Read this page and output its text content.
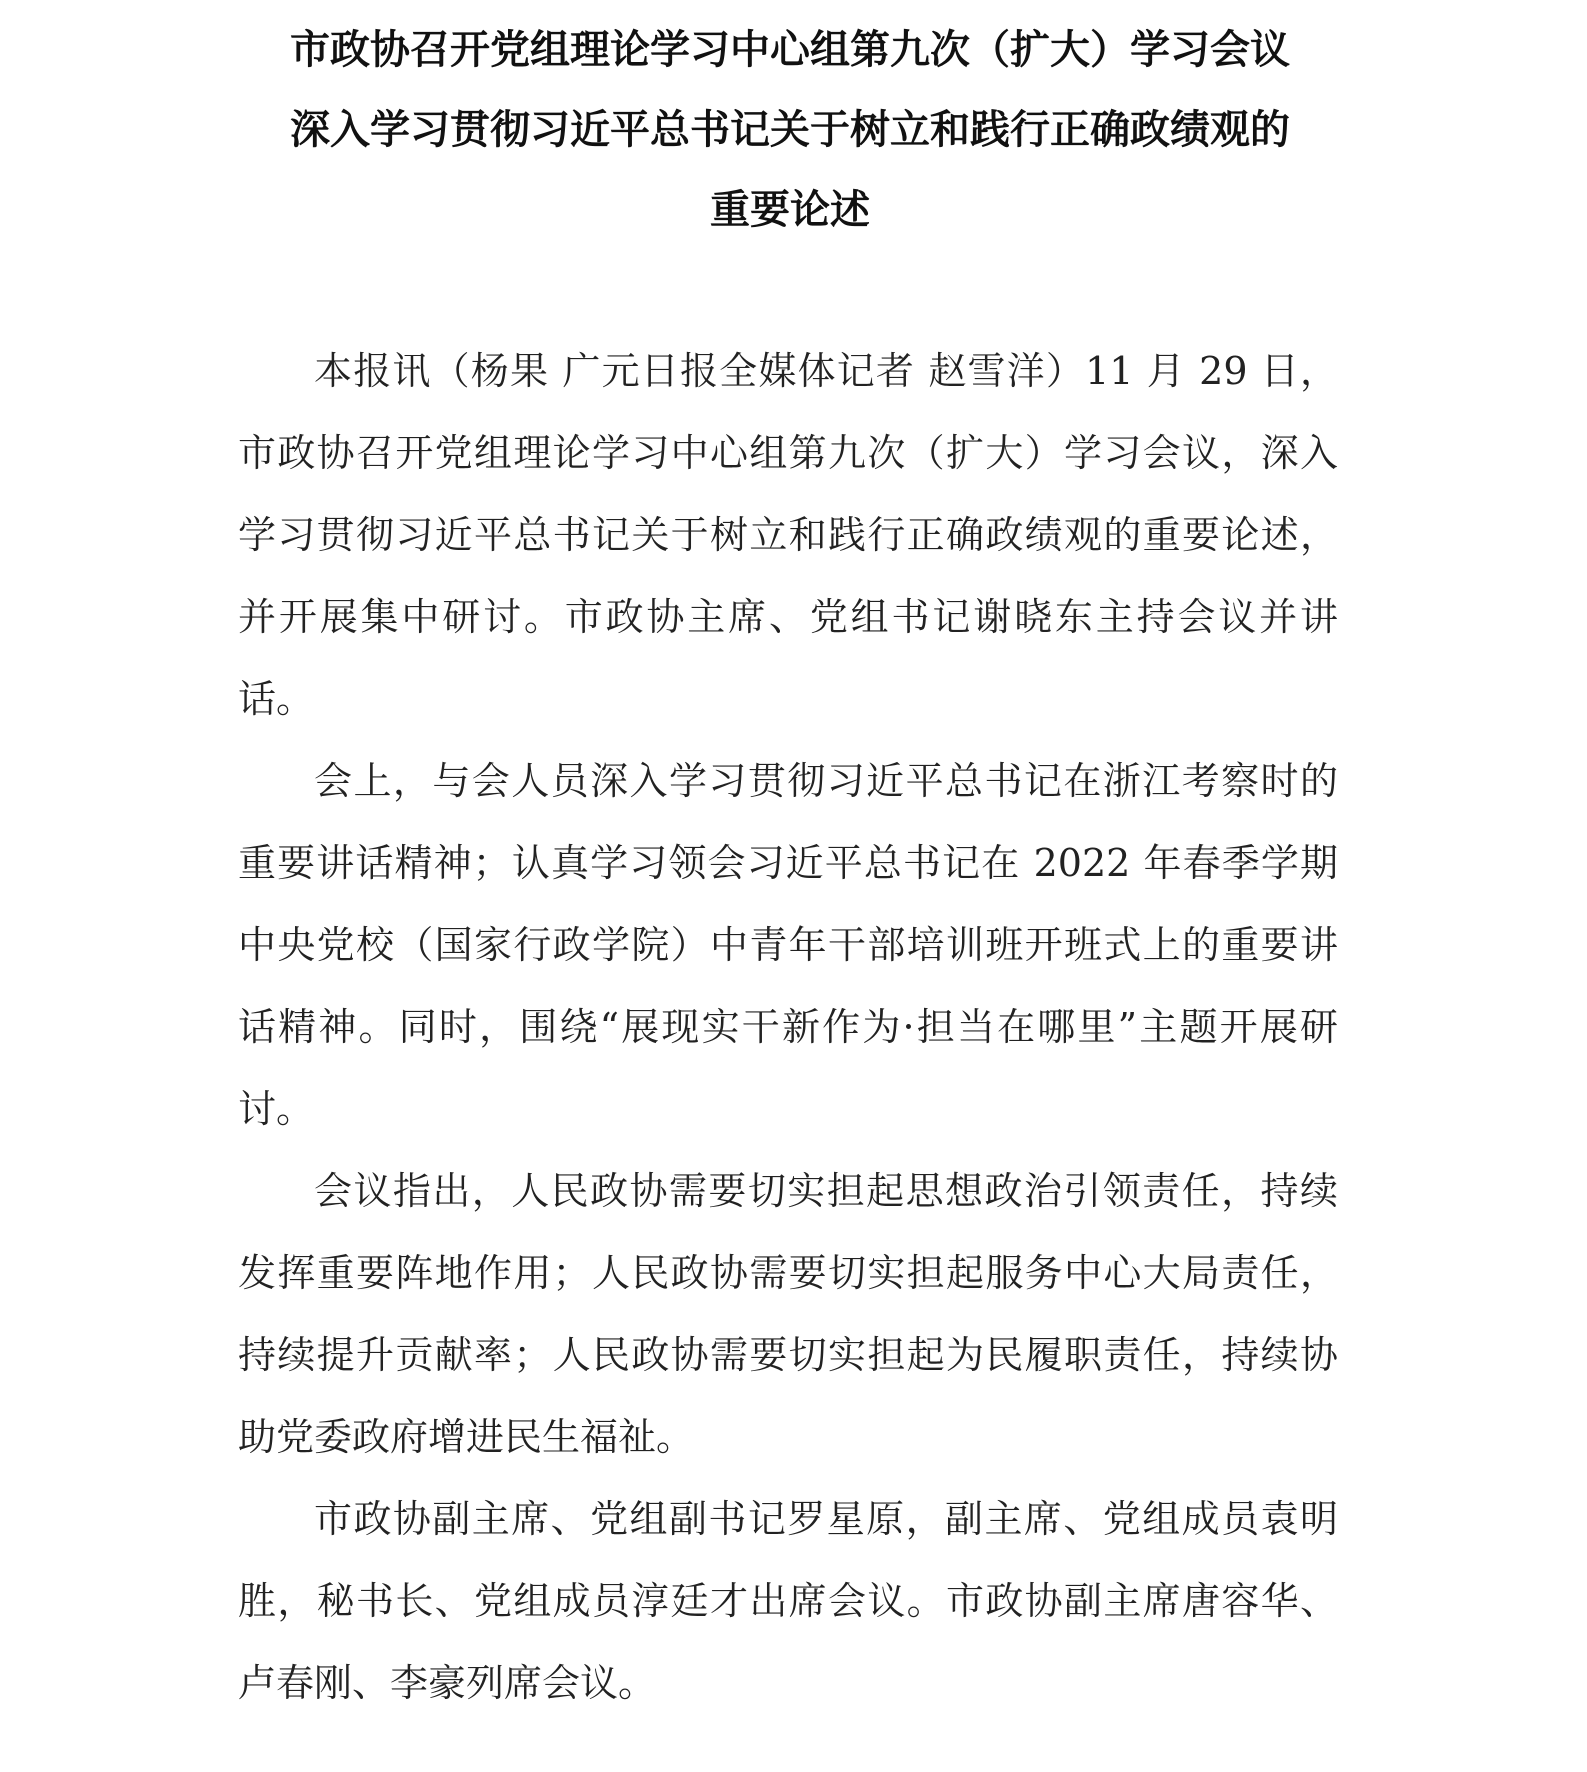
市政协召开党组理论学习中心组第九次（扩大）学习会议
深入学习贯彻习近平总书记关于树立和践行正确政绩观的
重要论述

本报讯（杨果 广元日报全媒体记者 赵雪洋）11 月 29 日，市政协召开党组理论学习中心组第九次（扩大）学习会议，深入学习贯彻习近平总书记关于树立和践行正确政绩观的重要论述，并开展集中研讨。市政协主席、党组书记谢晓东主持会议并讲话。

会上，与会人员深入学习贯彻习近平总书记在浙江考察时的重要讲话精神；认真学习领会习近平总书记在 2022 年春季学期中央党校（国家行政学院）中青年干部培训班开班式上的重要讲话精神。同时，围绕“展现实干新作为·担当在哪里”主题开展研讨。

会议指出，人民政协需要切实担起思想政治引领责任，持续发挥重要阵地作用；人民政协需要切实担起服务中心大局责任，持续提升贡献率；人民政协需要切实担起为民履职责任，持续协助党委政府增进民生福祉。

市政协副主席、党组副书记罗星原，副主席、党组成员袁明胜，秘书长、党组成员淳廷才出席会议。市政协副主席唐容华、卢春刚、李豪列席会议。
